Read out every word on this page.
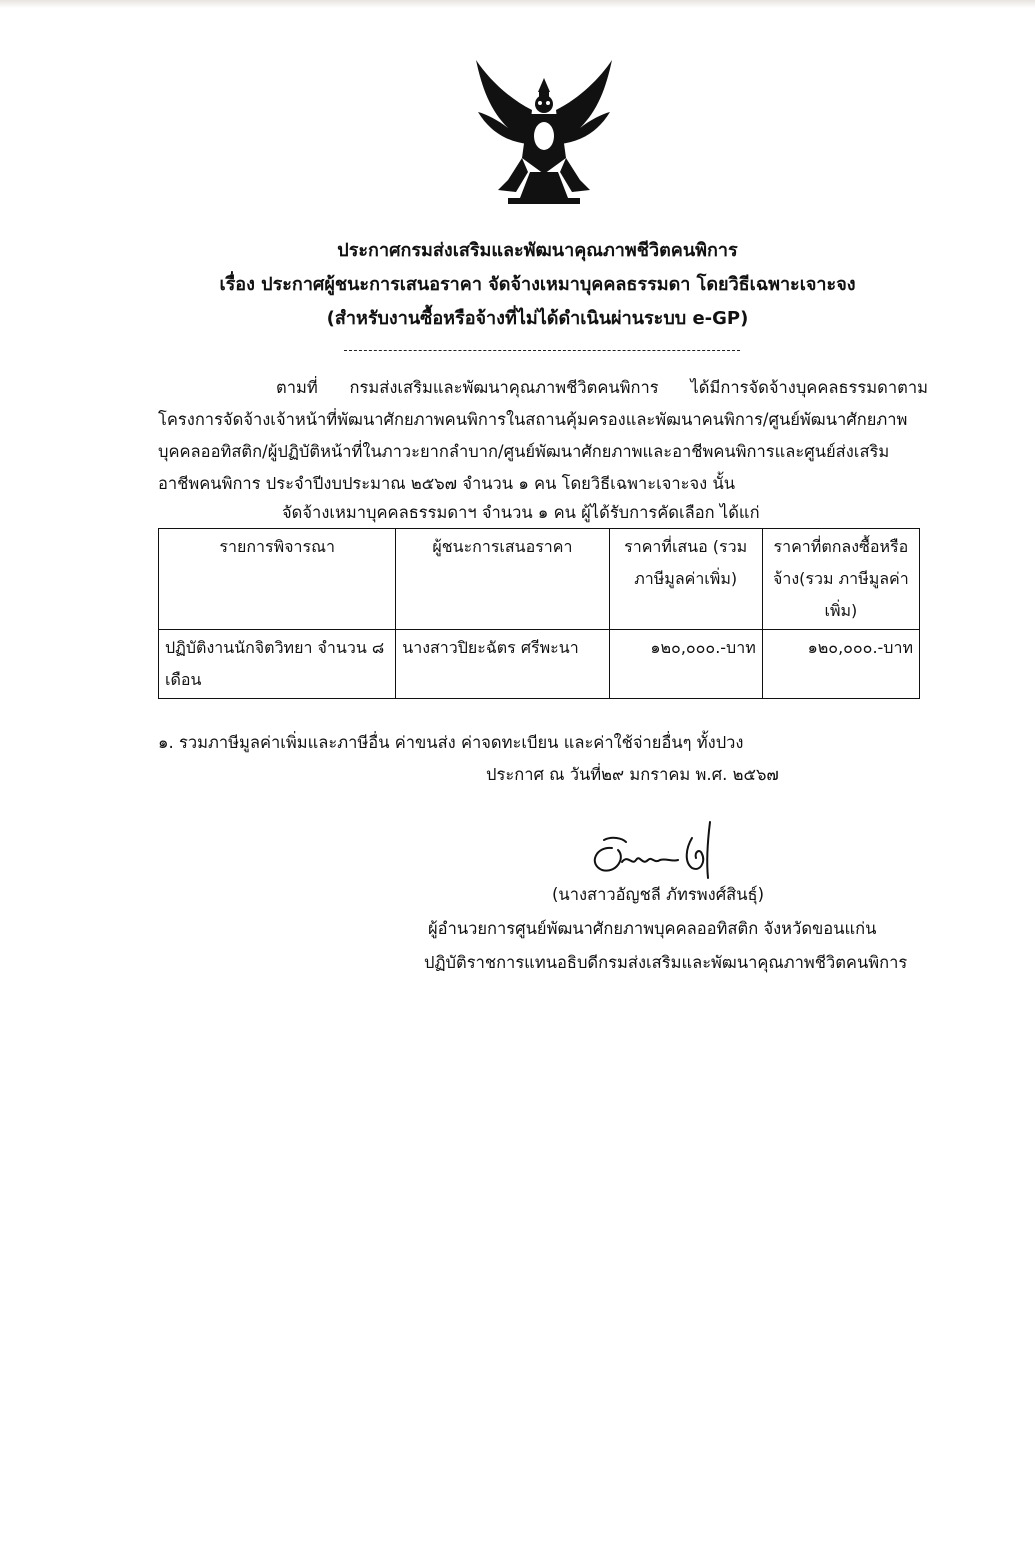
ประกาศกรมส่งเสริมและพัฒนาคุณภาพชีวิตคนพิการ
เรื่อง ประกาศผู้ชนะการเสนอราคา จัดจ้างเหมาบุคคลธรรมดา โดยวิธีเฉพาะเจาะจง
(สำหรับงานซื้อหรือจ้างที่ไม่ได้ดำเนินผ่านระบบ e-GP)
ตามที่ กรมส่งเสริมและพัฒนาคุณภาพชีวิตคนพิการ ได้มีการจัดจ้างบุคคลธรรมดาตามโครงการจัดจ้างเจ้าหน้าที่พัฒนาศักยภาพคนพิการในสถานคุ้มครองและพัฒนาคนพิการ/ศูนย์พัฒนาศักยภาพบุคคลออทิสติก/ผู้ปฏิบัติหน้าที่ในภาวะยากลำบาก/ศูนย์พัฒนาศักยภาพและอาชีพคนพิการและศูนย์ส่งเสริมอาชีพคนพิการ ประจำปีงบประมาณ ๒๕๖๗ จำนวน ๑ คน โดยวิธีเฉพาะเจาะจง นั้น
จัดจ้างเหมาบุคคลธรรมดาฯ จำนวน ๑ คน ผู้ได้รับการคัดเลือก ได้แก่
รายการพิจารณา	ผู้ชนะการเสนอราคา	ราคาที่เสนอ (รวม ภาษีมูลค่าเพิ่ม)	ราคาที่ตกลงซื้อหรือจ้าง(รวม ภาษีมูลค่าเพิ่ม)
ปฏิบัติงานนักจิตวิทยา จำนวน ๘ เดือน	นางสาวปิยะฉัตร ศรีพะนา	๑๒๐,๐๐๐.-บาท	๑๒๐,๐๐๐.-บาท
๑. รวมภาษีมูลค่าเพิ่มและภาษีอื่น ค่าขนส่ง ค่าจดทะเบียน และค่าใช้จ่ายอื่นๆ ทั้งปวง
ประกาศ ณ วันที่๒๙ มกราคม พ.ศ. ๒๕๖๗
(นางสาวอัญชลี ภัทรพงศ์สินธุ์)
ผู้อำนวยการศูนย์พัฒนาศักยภาพบุคคลออทิสติก จังหวัดขอนแก่น
ปฏิบัติราชการแทนอธิบดีกรมส่งเสริมและพัฒนาคุณภาพชีวิตคนพิการ
